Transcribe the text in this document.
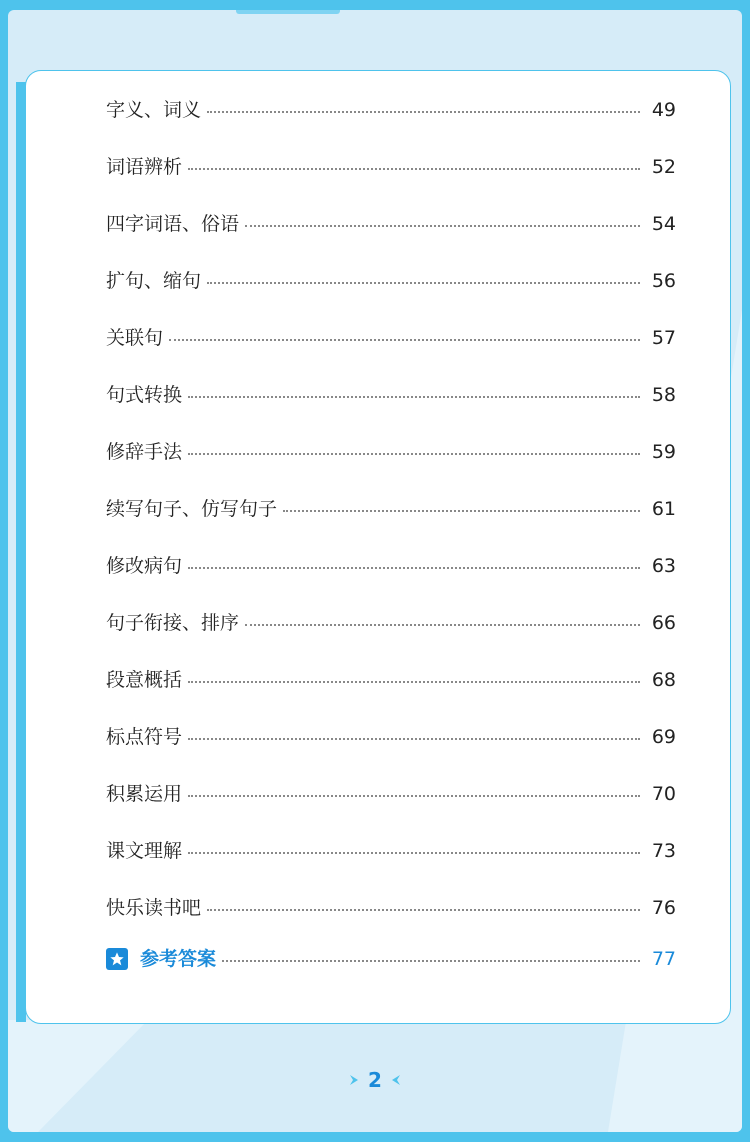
字义、词义	49
词语辨析	52
四字词语、俗语	54
扩句、缩句	56
关联句	57
句式转换	58
修辞手法	59
续写句子、仿写句子	61
修改病句	63
句子衔接、排序	66
段意概括	68
标点符号	69
积累运用	70
课文理解	73
快乐读书吧	76
参考答案	77
2
